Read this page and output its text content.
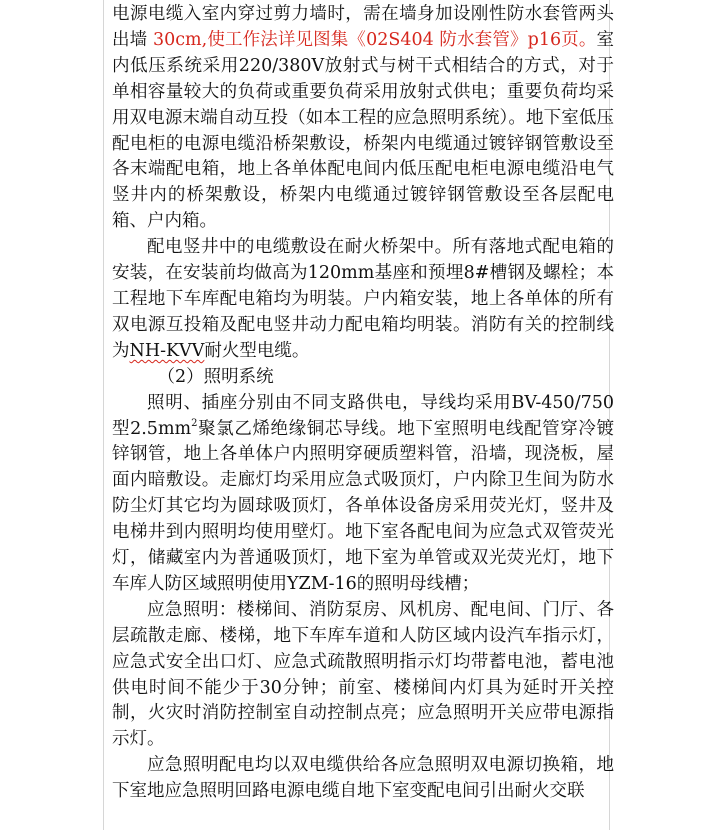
电源电缆入室内穿过剪力墙时，需在墙身加设刚性防水套管两头出墙 30cm,使工作法详见图集《02S404 防水套管》p16页。室内低压系统采用220/380V放射式与树干式相结合的方式，对于单相容量较大的负荷或重要负荷采用放射式供电；重要负荷均采用双电源末端自动互投（如本工程的应急照明系统）。地下室低压配电柜的电源电缆沿桥架敷设，桥架内电缆通过镀锌钢管敷设至各末端配电箱，地上各单体配电间内低压配电柜电源电缆沿电气竖井内的桥架敷设，桥架内电缆通过镀锌钢管敷设至各层配电箱、户内箱。

配电竖井中的电缆敷设在耐火桥架中。所有落地式配电箱的安装，在安装前均做高为120mm基座和预埋8#槽钢及螺栓；本工程地下车库配电箱均为明装。户内箱安装，地上各单体的所有双电源互投箱及配电竖井动力配电箱均明装。消防有关的控制线为NH-KVV耐火型电缆。

（2）照明系统

照明、插座分别由不同支路供电，导线均采用BV-450/750型$2.5mm^2$聚氯乙烯绝缘铜芯导线。地下室照明电线配管穿冷镀锌钢管，地上各单体户内照明穿硬质塑料管，沿墙，现浇板，屋面内暗敷设。走廊灯均采用应急式吸顶灯，户内除卫生间为防水防尘灯其它均为圆球吸顶灯，各单体设备房采用荧光灯，竖井及电梯井到内照明均使用壁灯。地下室各配电间为应急式双管荧光灯，储藏室内为普通吸顶灯，地下室为单管或双光荧光灯，地下车库人防区域照明使用YZM-16的照明母线槽；

应急照明：楼梯间、消防泵房、风机房、配电间、门厅、各层疏散走廊、楼梯，地下车库车道和人防区域内设汽车指示灯，应急式安全出口灯、应急式疏散照明指示灯均带蓄电池，蓄电池供电时间不能少于30分钟；前室、楼梯间内灯具为延时开关控制，火灾时消防控制室自动控制点亮；应急照明开关应带电源指示灯。

应急照明配电均以双电缆供给各应急照明双电源切换箱，地下室地应急照明回路电源电缆自地下室变配电间引出耐火交联
